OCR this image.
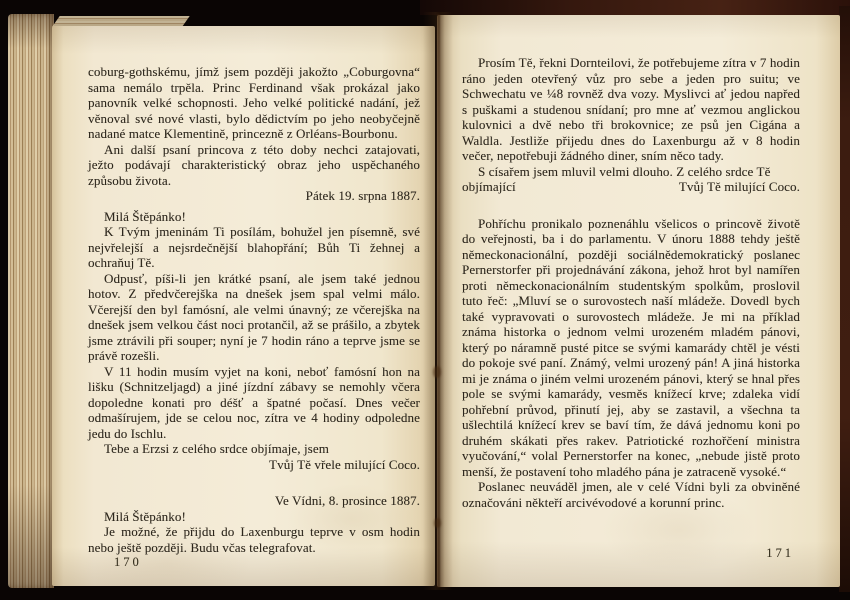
coburg-gothskému, jímž jsem později jakožto „Coburgovna“ sama nemálo trpěla. Princ Ferdinand však prokázal jako panovník velké schopnosti. Jeho velké politické nadání, jež věnoval své nové vlasti, bylo dědictvím po jeho neobyčejně nadané matce Klementině, princezně z Orléans-Bourbonu.

Ani další psaní princova z této doby nechci zatajovati, ježto podávají charakteristický obraz jeho uspěchaného způsobu života.

Pátek 19. srpna 1887.

Milá Štěpánko!

K Tvým jmeninám Ti posílám, bohužel jen písemně, své nejvřelejší a nejsrdečnější blahopřání; Bůh Ti žehnej a ochraňuj Tě.

Odpusť, píši-li jen krátké psaní, ale jsem také jednou hotov. Z předvčerejška na dnešek jsem spal velmi málo. Včerejší den byl famósní, ale velmi únavný; ze včerejška na dnešek jsem velkou část noci protančil, až se prášilo, a zbytek jsme ztrávili při souper; nyní je 7 hodin ráno a teprve jsme se právě rozešli.

V 11 hodin musím vyjet na koni, neboť famósní hon na lišku (Schnitzeljagd) a jiné jízdní zábavy se nemohly včera dopoledne konati pro déšť a špatné počasí. Dnes večer odmašírujem, jde se celou noc, zítra ve 4 hodiny odpoledne jedu do Ischlu.

Tebe a Erzsi z celého srdce objímaje, jsem

Tvůj Tě vřele milující Coco.

Ve Vídni, 8. prosince 1887.

Milá Štěpánko!

Je možné, že přijdu do Laxenburgu teprve v osm hodin nebo ještě později. Budu včas telegrafovat.

170

Prosím Tě, řekni Dornteilovi, že potřebujeme zítra v 7 hodin ráno jeden otevřený vůz pro sebe a jeden pro suitu; ve Schwechatu ve ¼8 rovněž dva vozy. Myslivci ať jedou napřed s puškami a studenou snídaní; pro mne ať vezmou anglickou kulovnici a dvě nebo tři brokovnice; ze psů jen Cigána a Waldla. Jestliže přijedu dnes do Laxenburgu až v 8 hodin večer, nepotřebuji žádného diner, sním něco tady.

S císařem jsem mluvil velmi dlouho. Z celého srdce Tě

objímající	Tvůj Tě milující Coco.

Pohříchu pronikalo poznenáhlu všelicos o princově životě do veřejnosti, ba i do parlamentu. V únoru 1888 tehdy ještě německonacionální, později sociálnědemokratický poslanec Pernerstorfer při projednávání zákona, jehož hrot byl namířen proti německonacionálním studentským spolkům, proslovil tuto řeč: „Mluví se o surovostech naší mládeže. Dovedl bych také vypravovati o surovostech mládeže. Je mi na příklad známa historka o jednom velmi urozeném mladém pánovi, který po náramně pusté pitce se svými kamarády chtěl je vésti do pokoje své paní. Známý, velmi urozený pán! A jiná historka mi je známa o jiném velmi urozeném pánovi, který se hnal přes pole se svými kamarády, vesměs knížecí krve; zdaleka vidí pohřební průvod, přinutí jej, aby se zastavil, a všechna ta ušlechtilá knížecí krev se baví tím, že dává jednomu koni po druhém skákati přes rakev. Patriotické rozhořčení ministra vyučování,“ volal Pernerstorfer na konec, „nebude jistě proto menší, že postavení toho mladého pána je zatraceně vysoké.“

Poslanec neuváděl jmen, ale v celé Vídni byli za obviněné označováni někteří arcivévodové a korunní princ.

171
